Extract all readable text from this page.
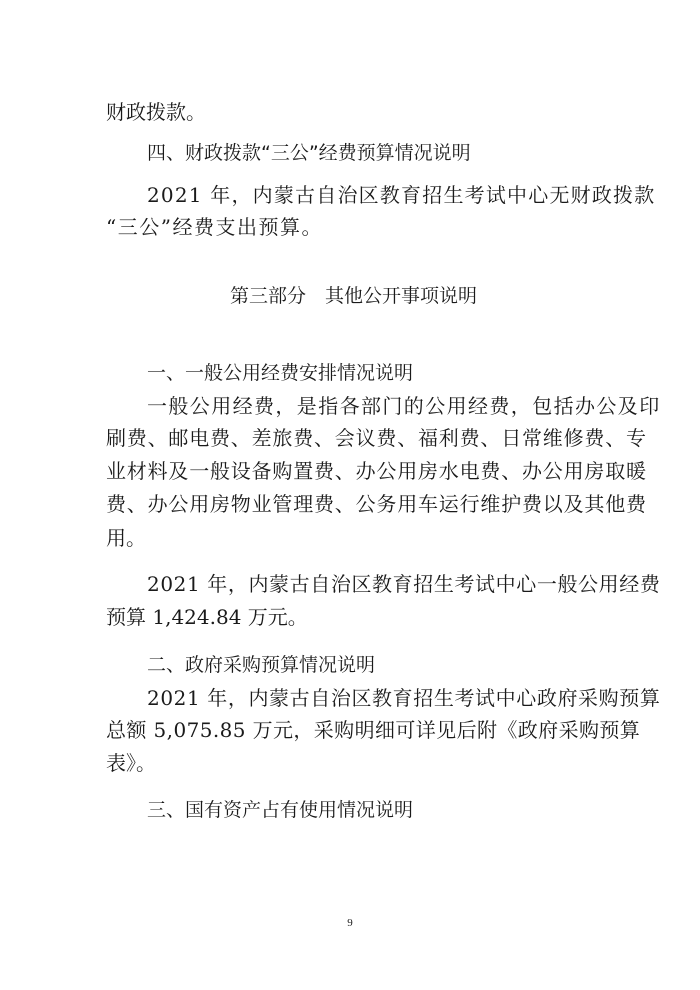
财政拨款。
四、财政拨款“三公”经费预算情况说明
2021 年，内蒙古自治区教育招生考试中心无财政拨款
“三公”经费支出预算。
第三部分　其他公开事项说明
一、一般公用经费安排情况说明
一般公用经费，是指各部门的公用经费，包括办公及印
刷费、邮电费、差旅费、会议费、福利费、日常维修费、专
业材料及一般设备购置费、办公用房水电费、办公用房取暖
费、办公用房物业管理费、公务用车运行维护费以及其他费
用。
2021 年，内蒙古自治区教育招生考试中心一般公用经费
预算 1,424.84 万元。
二、政府采购预算情况说明
2021 年，内蒙古自治区教育招生考试中心政府采购预算
总额 5,075.85 万元，采购明细可详见后附《政府采购预算
表》。
三、国有资产占有使用情况说明
9
